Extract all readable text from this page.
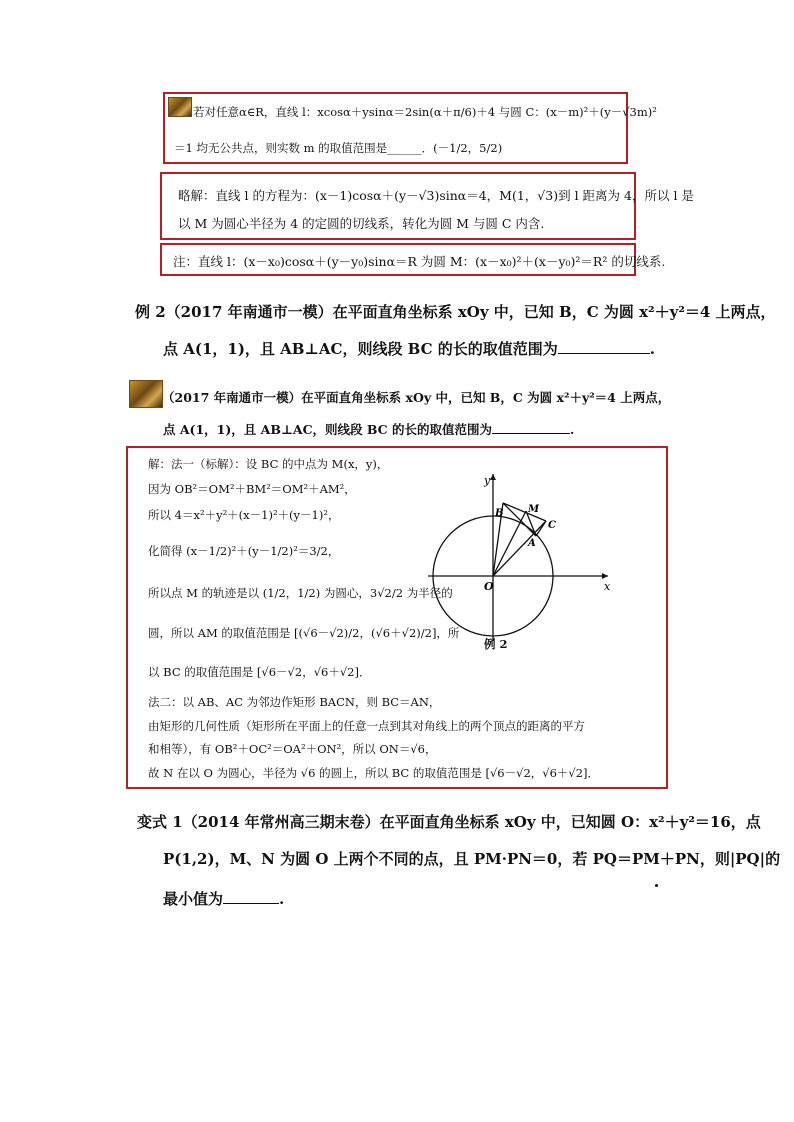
若对任意α∈R，直线 l：xcosα＋ysinα＝2sin(α＋π/6)＋4 与圆 C：(x－m)²＋(y－√3m)²
＝1 均无公共点，则实数 m 的取值范围是______．(－1/2，5/2)
略解：直线 l 的方程为：(x－1)cosα＋(y－√3)sinα＝4，M(1，√3)到 l 距离为 4，所以 l 是
以 M 为圆心半径为 4 的定圆的切线系，转化为圆 M 与圆 C 内含.
注：直线 l：(x－x₀)cosα＋(y－y₀)sinα＝R 为圆 M：(x－x₀)²＋(x－y₀)²＝R² 的切线系.
例 2（2017 年南通市一模）在平面直角坐标系 xOy 中，已知 B，C 为圆 x²＋y²＝4 上两点，
点 A(1，1)，且 AB⊥AC，则线段 BC 的长的取值范围为	.
（2017 年南通市一模）在平面直角坐标系 xOy 中，已知 B，C 为圆 x²＋y²＝4 上两点，
点 A(1，1)，且 AB⊥AC，则线段 BC 的长的取值范围为	.
解：法一（标解）：设 BC 的中点为 M(x，y)，
因为 OB²＝OM²＋BM²＝OM²＋AM²，
所以 4＝x²＋y²＋(x－1)²＋(y－1)²，
化简得 (x－1/2)²＋(y－1/2)²＝3/2，
所以点 M 的轨迹是以 (1/2，1/2) 为圆心，3√2/2 为半径的
圆，所以 AM 的取值范围是 [(√6－√2)/2，(√6＋√2)/2]，所
以 BC 的取值范围是 [√6－√2，√6＋√2]．
法二：以 AB、AC 为邻边作矩形 BACN，则 BC＝AN，
由矩形的几何性质（矩形所在平面上的任意一点到其对角线上的两个顶点的距离的平方
和相等），有 OB²＋OC²＝OA²＋ON²，所以 ON＝√6，
故 N 在以 O 为圆心，半径为 √6 的圆上，所以 BC 的取值范围是 [√6－√2，√6＋√2]．
x
y
O
B M
C
A
例 2
变式 1（2014 年常州高三期末卷）在平面直角坐标系 xOy 中，已知圆 O：x²＋y²＝16，点
P(1,2)，M、N 为圆 O 上两个不同的点，且 PM·PN＝0，若 PQ＝PM＋PN，则|PQ|的
最小值为	.
